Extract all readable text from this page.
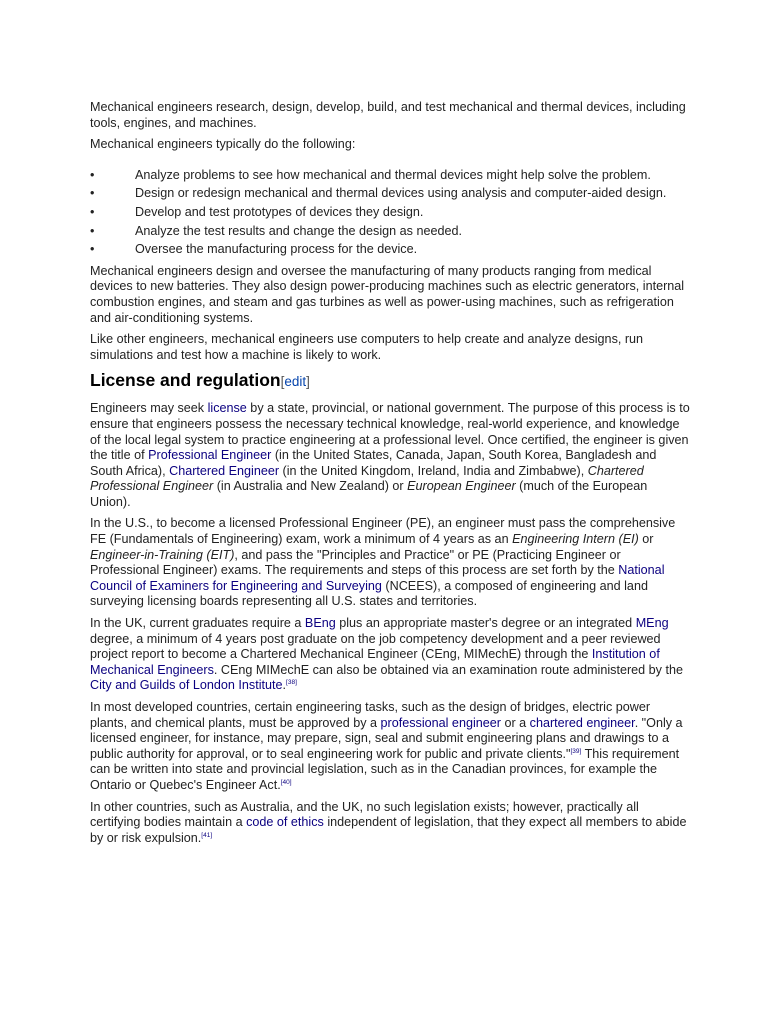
Mechanical engineers research, design, develop, build, and test mechanical and thermal devices, including tools, engines, and machines.

Mechanical engineers typically do the following:

•	Analyze problems to see how mechanical and thermal devices might help solve the problem.
•	Design or redesign mechanical and thermal devices using analysis and computer-aided design.
•	Develop and test prototypes of devices they design.
•	Analyze the test results and change the design as needed.
•	Oversee the manufacturing process for the device.

Mechanical engineers design and oversee the manufacturing of many products ranging from medical devices to new batteries. They also design power-producing machines such as electric generators, internal combustion engines, and steam and gas turbines as well as power-using machines, such as refrigeration and air-conditioning systems.

Like other engineers, mechanical engineers use computers to help create and analyze designs, run simulations and test how a machine is likely to work.

License and regulation[edit]

Engineers may seek license by a state, provincial, or national government. The purpose of this process is to ensure that engineers possess the necessary technical knowledge, real-world experience, and knowledge of the local legal system to practice engineering at a professional level. Once certified, the engineer is given the title of Professional Engineer (in the United States, Canada, Japan, South Korea, Bangladesh and South Africa), Chartered Engineer (in the United Kingdom, Ireland, India and Zimbabwe), Chartered Professional Engineer (in Australia and New Zealand) or European Engineer (much of the European Union).

In the U.S., to become a licensed Professional Engineer (PE), an engineer must pass the comprehensive FE (Fundamentals of Engineering) exam, work a minimum of 4 years as an Engineering Intern (EI) or Engineer-in-Training (EIT), and pass the "Principles and Practice" or PE (Practicing Engineer or Professional Engineer) exams. The requirements and steps of this process are set forth by the National Council of Examiners for Engineering and Surveying (NCEES), a composed of engineering and land surveying licensing boards representing all U.S. states and territories.

In the UK, current graduates require a BEng plus an appropriate master's degree or an integrated MEng degree, a minimum of 4 years post graduate on the job competency development and a peer reviewed project report to become a Chartered Mechanical Engineer (CEng, MIMechE) through the Institution of Mechanical Engineers. CEng MIMechE can also be obtained via an examination route administered by the City and Guilds of London Institute.[38]

In most developed countries, certain engineering tasks, such as the design of bridges, electric power plants, and chemical plants, must be approved by a professional engineer or a chartered engineer. "Only a licensed engineer, for instance, may prepare, sign, seal and submit engineering plans and drawings to a public authority for approval, or to seal engineering work for public and private clients."[39] This requirement can be written into state and provincial legislation, such as in the Canadian provinces, for example the Ontario or Quebec's Engineer Act.[40]

In other countries, such as Australia, and the UK, no such legislation exists; however, practically all certifying bodies maintain a code of ethics independent of legislation, that they expect all members to abide by or risk expulsion.[41]
